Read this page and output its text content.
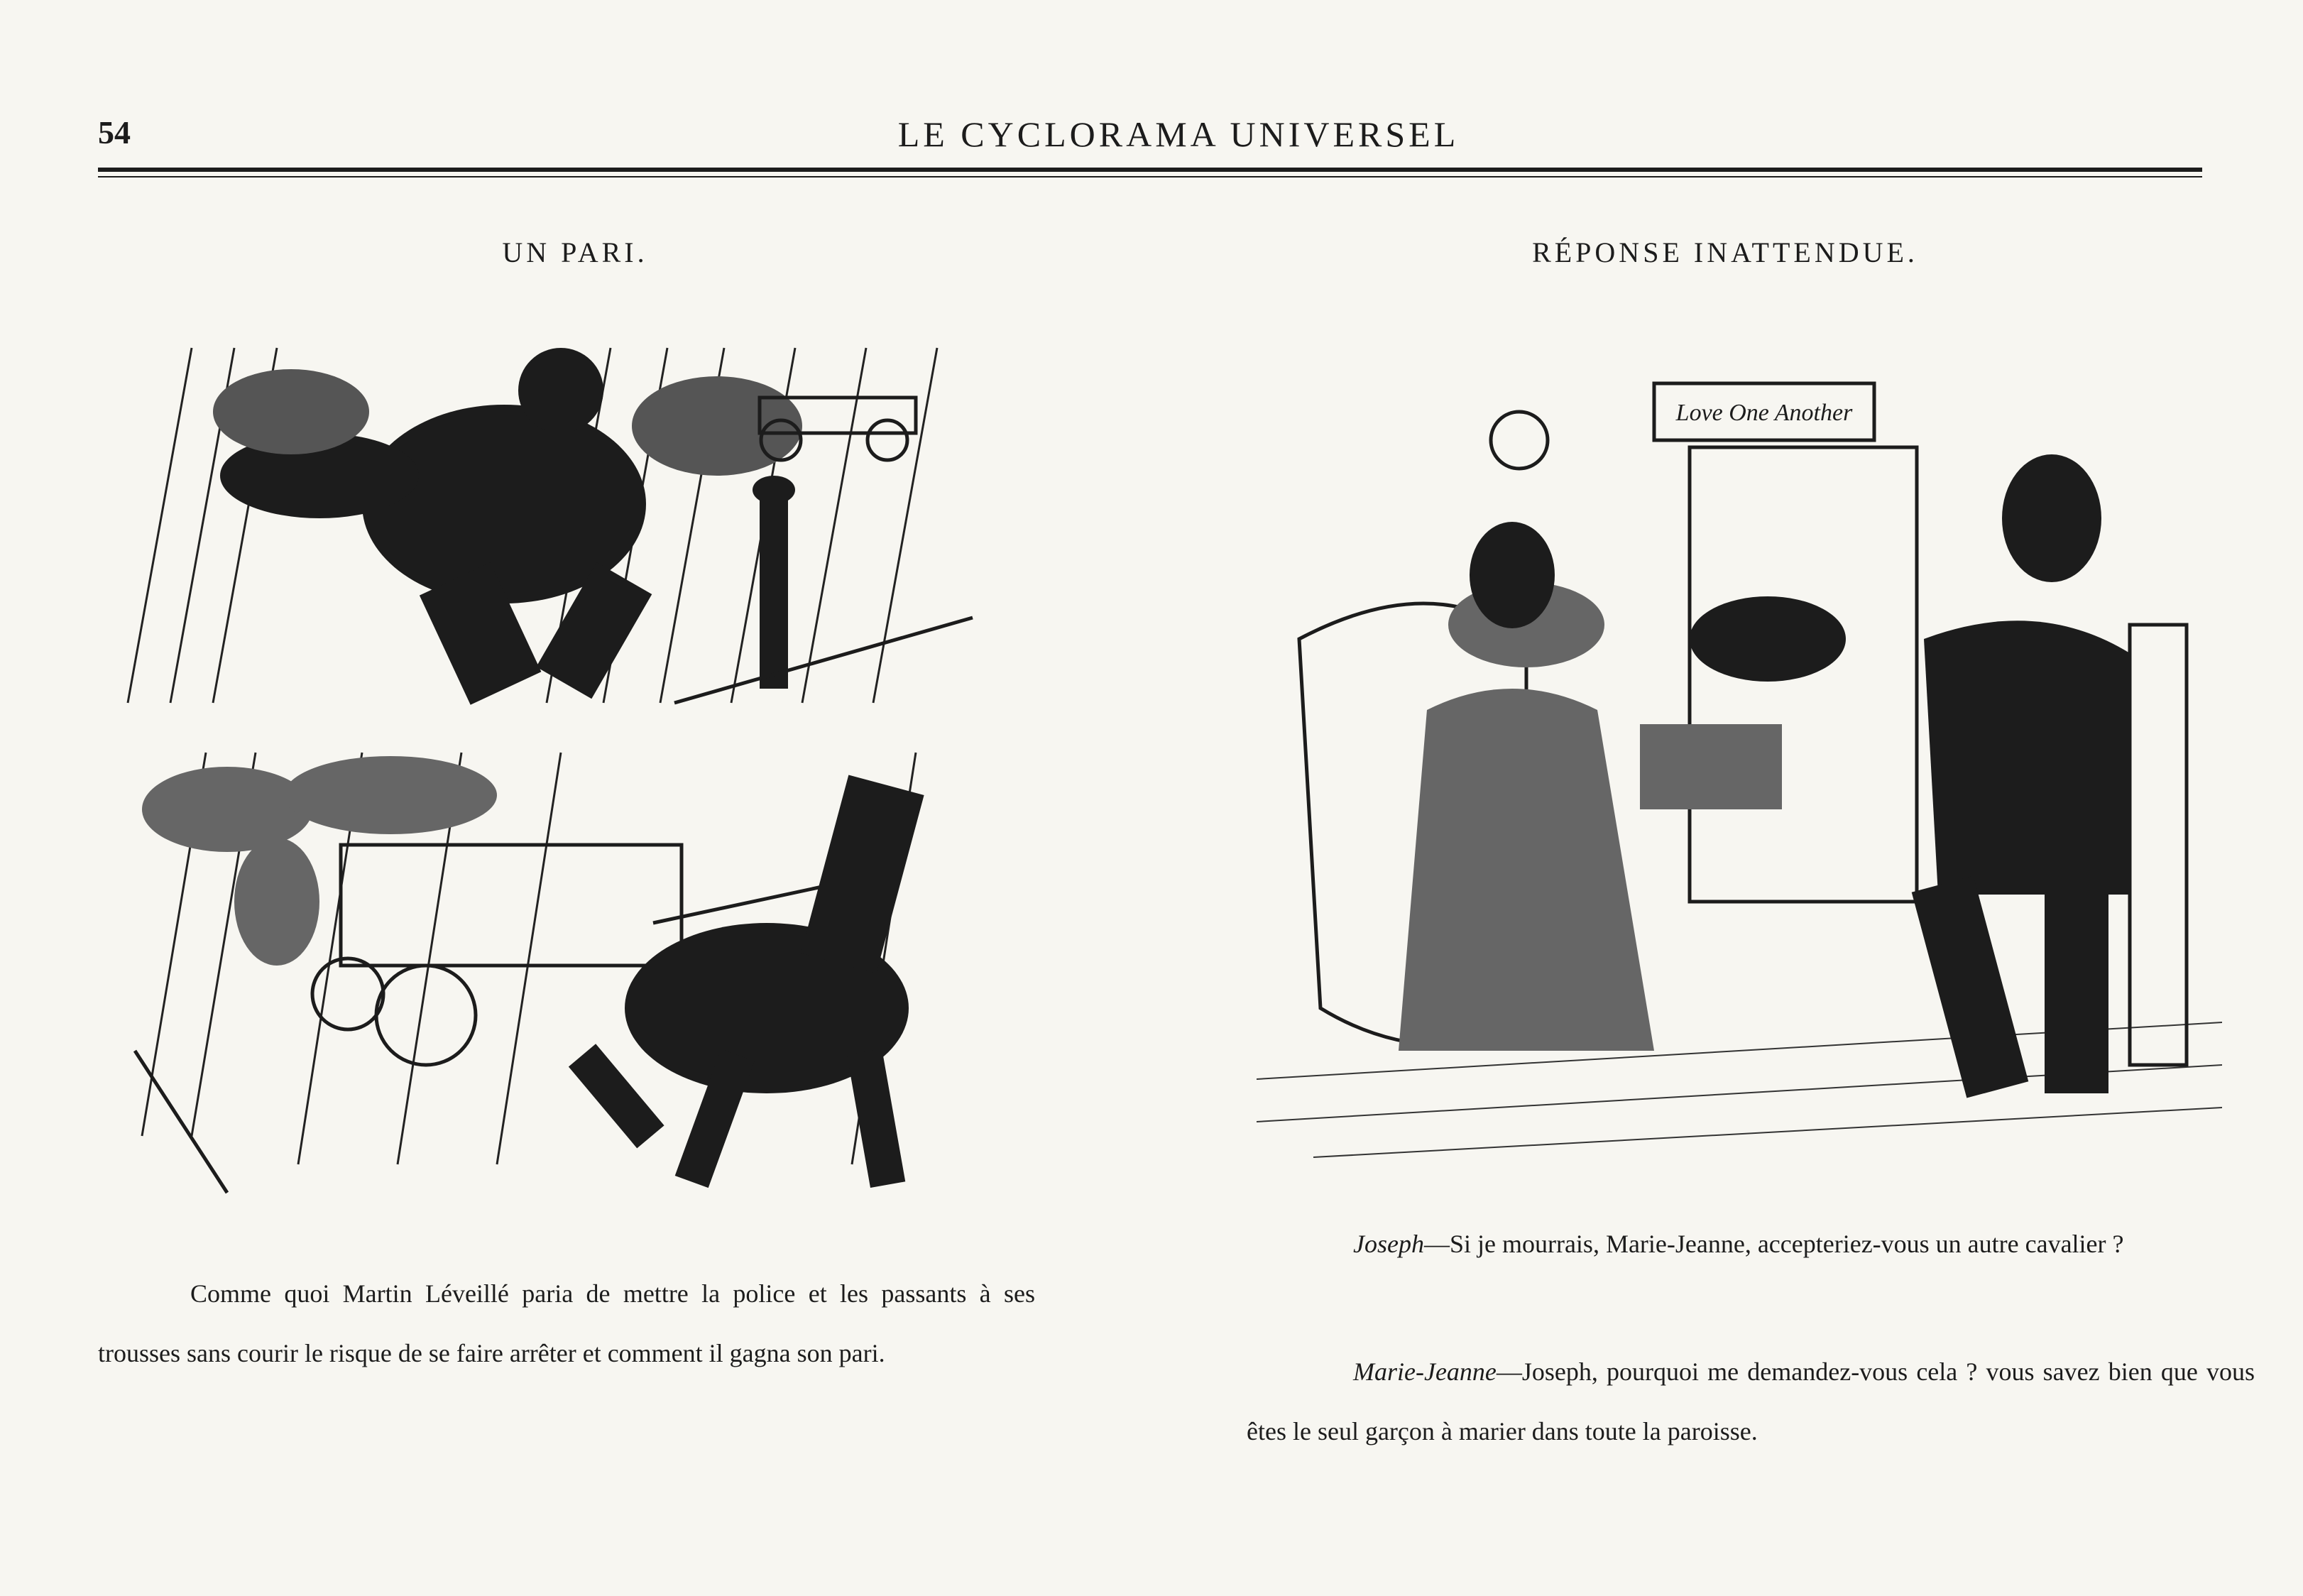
54	LE CYCLORAMA UNIVERSEL
UN PARI.
Comme quoi Martin Léveillé paria de mettre la police et les passants à ses trousses sans courir le risque de se faire arrêter et comment il gagna son pari.
RÉPONSE INATTENDUE.
Love One Another
Joseph—Si je mourrais, Marie-Jeanne, accepteriez-vous un autre cavalier ?
Marie-Jeanne—Joseph, pourquoi me demandez-vous cela ? vous savez bien que vous êtes le seul garçon à marier dans toute la paroisse.
